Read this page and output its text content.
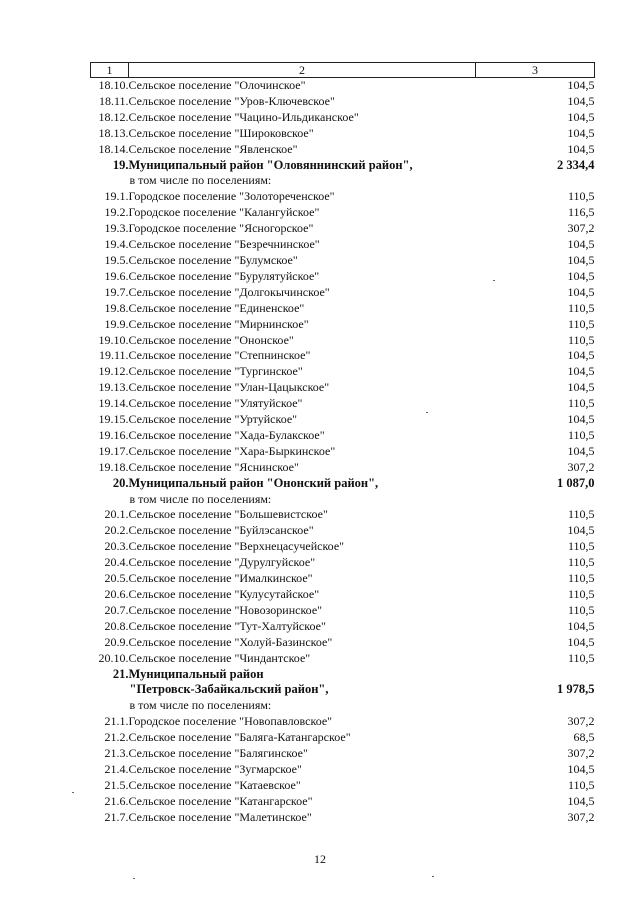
1	2	3
18.10.	Сельское поселение "Олочинское"	104,5
18.11.	Сельское поселение "Уров-Ключевское"	104,5
18.12.	Сельское поселение "Чацино-Ильдиканское"	104,5
18.13.	Сельское поселение "Широковское"	104,5
18.14.	Сельское поселение "Явленское"	104,5
19.	Муниципальный район "Оловяннинский район",	2 334,4
	в том числе по поселениям:	
19.1.	Городское поселение "Золотореченское"	110,5
19.2.	Городское поселение "Калангуйское"	116,5
19.3.	Городское поселение "Ясногорское"	307,2
19.4.	Сельское поселение "Безречнинское"	104,5
19.5.	Сельское поселение "Булумское"	104,5
19.6.	Сельское поселение "Бурулятуйское"	104,5
19.7.	Сельское поселение "Долгокычинское"	104,5
19.8.	Сельское поселение "Единенское"	110,5
19.9.	Сельское поселение "Мирнинское"	110,5
19.10.	Сельское поселение "Ононское"	110,5
19.11.	Сельское поселение "Степнинское"	104,5
19.12.	Сельское поселение "Тургинское"	104,5
19.13.	Сельское поселение "Улан-Цацыкское"	104,5
19.14.	Сельское поселение "Улятуйское"	110,5
19.15.	Сельское поселение "Уртуйское"	104,5
19.16.	Сельское поселение "Хада-Булакское"	110,5
19.17.	Сельское поселение "Хара-Быркинское"	104,5
19.18.	Сельское поселение "Яснинское"	307,2
20.	Муниципальный район "Ононский район",	1 087,0
	в том числе по поселениям:	
20.1.	Сельское поселение "Большевистское"	110,5
20.2.	Сельское поселение "Буйлэсанское"	104,5
20.3.	Сельское поселение "Верхнецасучейское"	110,5
20.4.	Сельское поселение "Дурулгуйское"	110,5
20.5.	Сельское поселение "Ималкинское"	110,5
20.6.	Сельское поселение "Кулусутайское"	110,5
20.7.	Сельское поселение "Новозоринское"	110,5
20.8.	Сельское поселение "Тут-Халтуйское"	104,5
20.9.	Сельское поселение "Холуй-Базинское"	104,5
20.10.	Сельское поселение "Чиндантское"	110,5
21.	Муниципальный район	
	"Петровск-Забайкальский район",	1 978,5
	в том числе по поселениям:	
21.1.	Городское поселение "Новопавловское"	307,2
21.2.	Сельское поселение "Баляга-Катангарское"	68,5
21.3.	Сельское поселение "Балягинское"	307,2
21.4.	Сельское поселение "Зугмарское"	104,5
21.5.	Сельское поселение "Катаевское"	110,5
21.6.	Сельское поселение "Катангарское"	104,5
21.7.	Сельское поселение "Малетинское"	307,2
12
